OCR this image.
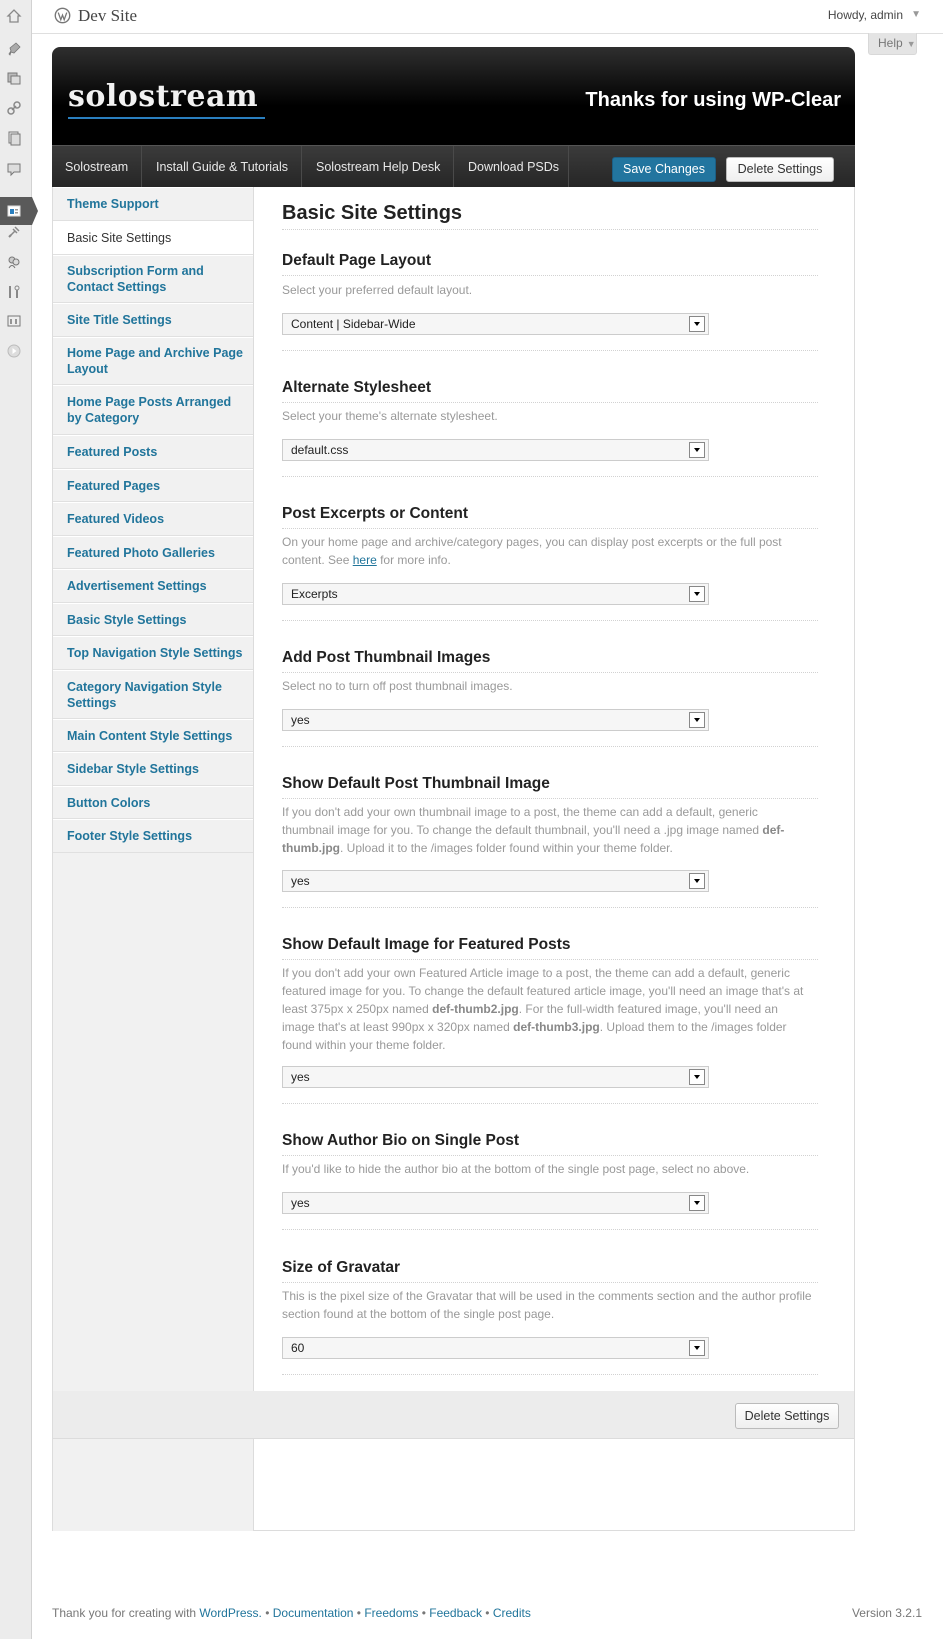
Dev Site	Howdy, admin ▼
Help ▼
solostream	Thanks for using WP-Clear
Solostream Install Guide & Tutorials Solostream Help Desk Download PSDs	Save Changes	Delete Settings
Theme Support
Basic Site Settings
Subscription Form and Contact Settings
Site Title Settings
Home Page and Archive Page Layout
Home Page Posts Arranged by Category
Featured Posts
Featured Pages
Featured Videos
Featured Photo Galleries
Advertisement Settings
Basic Style Settings
Top Navigation Style Settings
Category Navigation Style Settings
Main Content Style Settings
Sidebar Style Settings
Button Colors
Footer Style Settings
Basic Site Settings
Default Page Layout
Select your preferred default layout.
Content | Sidebar-Wide
Alternate Stylesheet
Select your theme's alternate stylesheet.
default.css
Post Excerpts or Content
On your home page and archive/category pages, you can display post excerpts or the full post content. See here for more info.
Excerpts
Add Post Thumbnail Images
Select no to turn off post thumbnail images.
yes
Show Default Post Thumbnail Image
If you don't add your own thumbnail image to a post, the theme can add a default, generic thumbnail image for you. To change the default thumbnail, you'll need a .jpg image named def-thumb.jpg. Upload it to the /images folder found within your theme folder.
yes
Show Default Image for Featured Posts
If you don't add your own Featured Article image to a post, the theme can add a default, generic featured image for you. To change the default featured article image, you'll need an image that's at least 375px x 250px named def-thumb2.jpg. For the full-width featured image, you'll need an image that's at least 990px x 320px named def-thumb3.jpg. Upload them to the /images folder found within your theme folder.
yes
Show Author Bio on Single Post
If you'd like to hide the author bio at the bottom of the single post page, select no above.
yes
Size of Gravatar
This is the pixel size of the Gravatar that will be used in the comments section and the author profile section found at the bottom of the single post page.
60
Delete Settings
Thank you for creating with WordPress. • Documentation • Freedoms • Feedback • Credits	Version 3.2.1
